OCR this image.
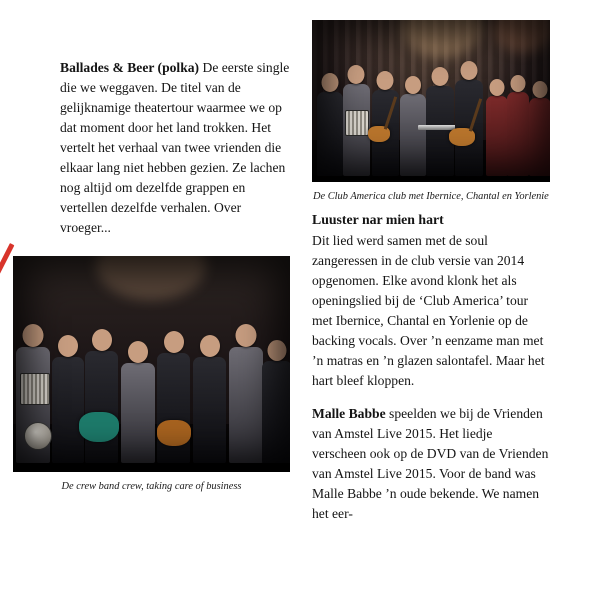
De Club America club met Ibernice, Chantal en Yorlenie

Ballades & Beer (polka) De eerste single die we weggaven. De titel van de gelijknamige theatertour waarmee we op dat moment door het land trokken. Het vertelt het verhaal van twee vrienden die elkaar lang niet hebben gezien. Ze lachen nog altijd om dezelfde grappen en vertellen dezelfde verhalen. Over vroeger...

Luuster nar mien hart
Dit lied werd samen met de soul zangeressen in de club versie van 2014 opgenomen. Elke avond klonk het als openingslied bij de ‘Club America’ tour met Ibernice, Chantal en Yorlenie op de backing vocals. Over ’n eenzame man met ’n matras en ’n glazen salontafel. Maar het hart bleef kloppen.

Malle Babbe speelden we bij de Vrienden van Amstel Live 2015. Het liedje verscheen ook op de DVD van de Vrienden van Amstel Live 2015. Voor de band was Malle Babbe ’n oude bekende. We namen het eer-

De crew band crew, taking care of business
